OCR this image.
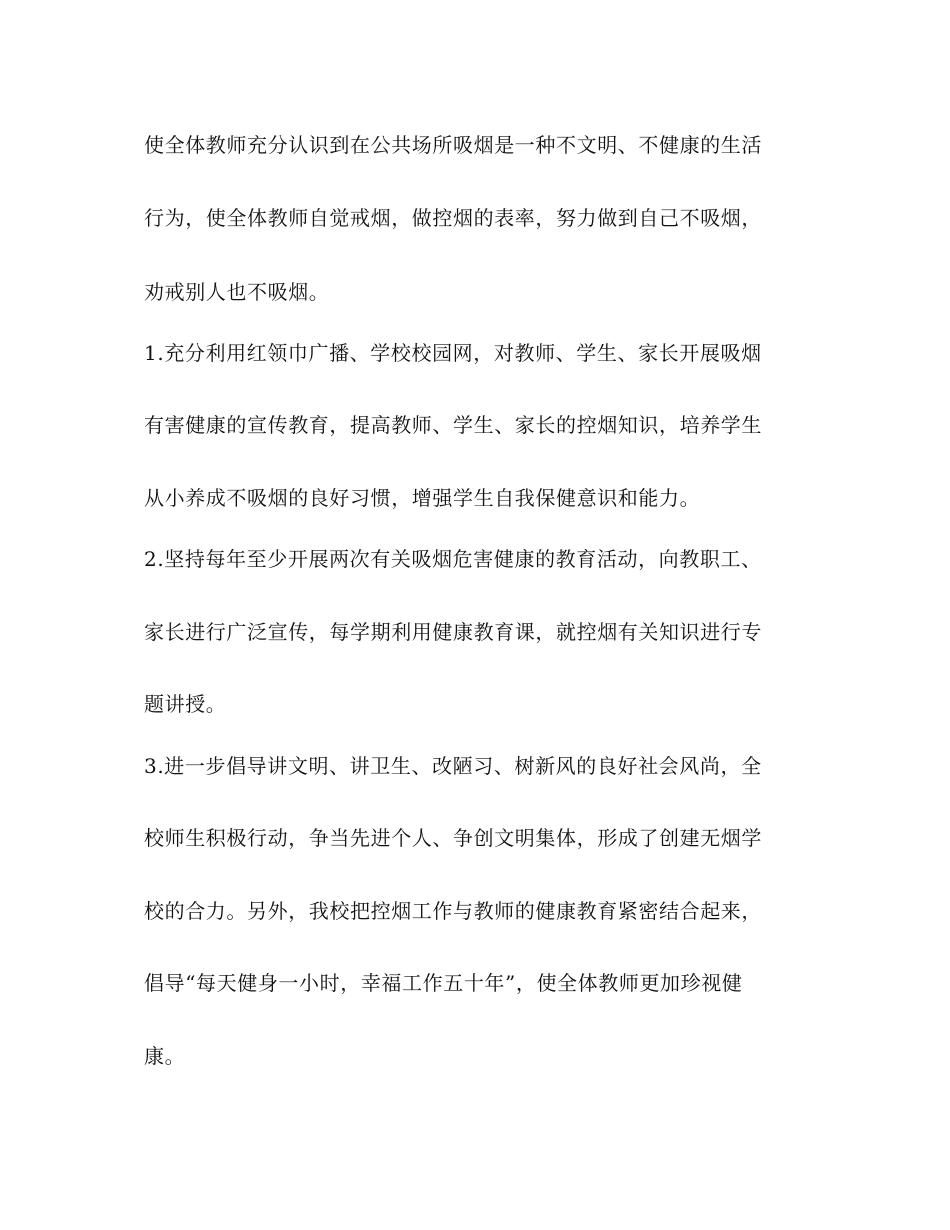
使全体教师充分认识到在公共场所吸烟是一种不文明、不健康的生活
行为，使全体教师自觉戒烟，做控烟的表率，努力做到自己不吸烟，
劝戒别人也不吸烟。
1.充分利用红领巾广播、学校校园网，对教师、学生、家长开展吸烟
有害健康的宣传教育，提高教师、学生、家长的控烟知识，培养学生
从小养成不吸烟的良好习惯，增强学生自我保健意识和能力。
2.坚持每年至少开展两次有关吸烟危害健康的教育活动，向教职工、
家长进行广泛宣传，每学期利用健康教育课，就控烟有关知识进行专
题讲授。
3.进一步倡导讲文明、讲卫生、改陋习、树新风的良好社会风尚，全
校师生积极行动，争当先进个人、争创文明集体，形成了创建无烟学
校的合力。另外，我校把控烟工作与教师的健康教育紧密结合起来，
倡导“每天健身一小时，幸福工作五十年”，使全体教师更加珍视健
康。
